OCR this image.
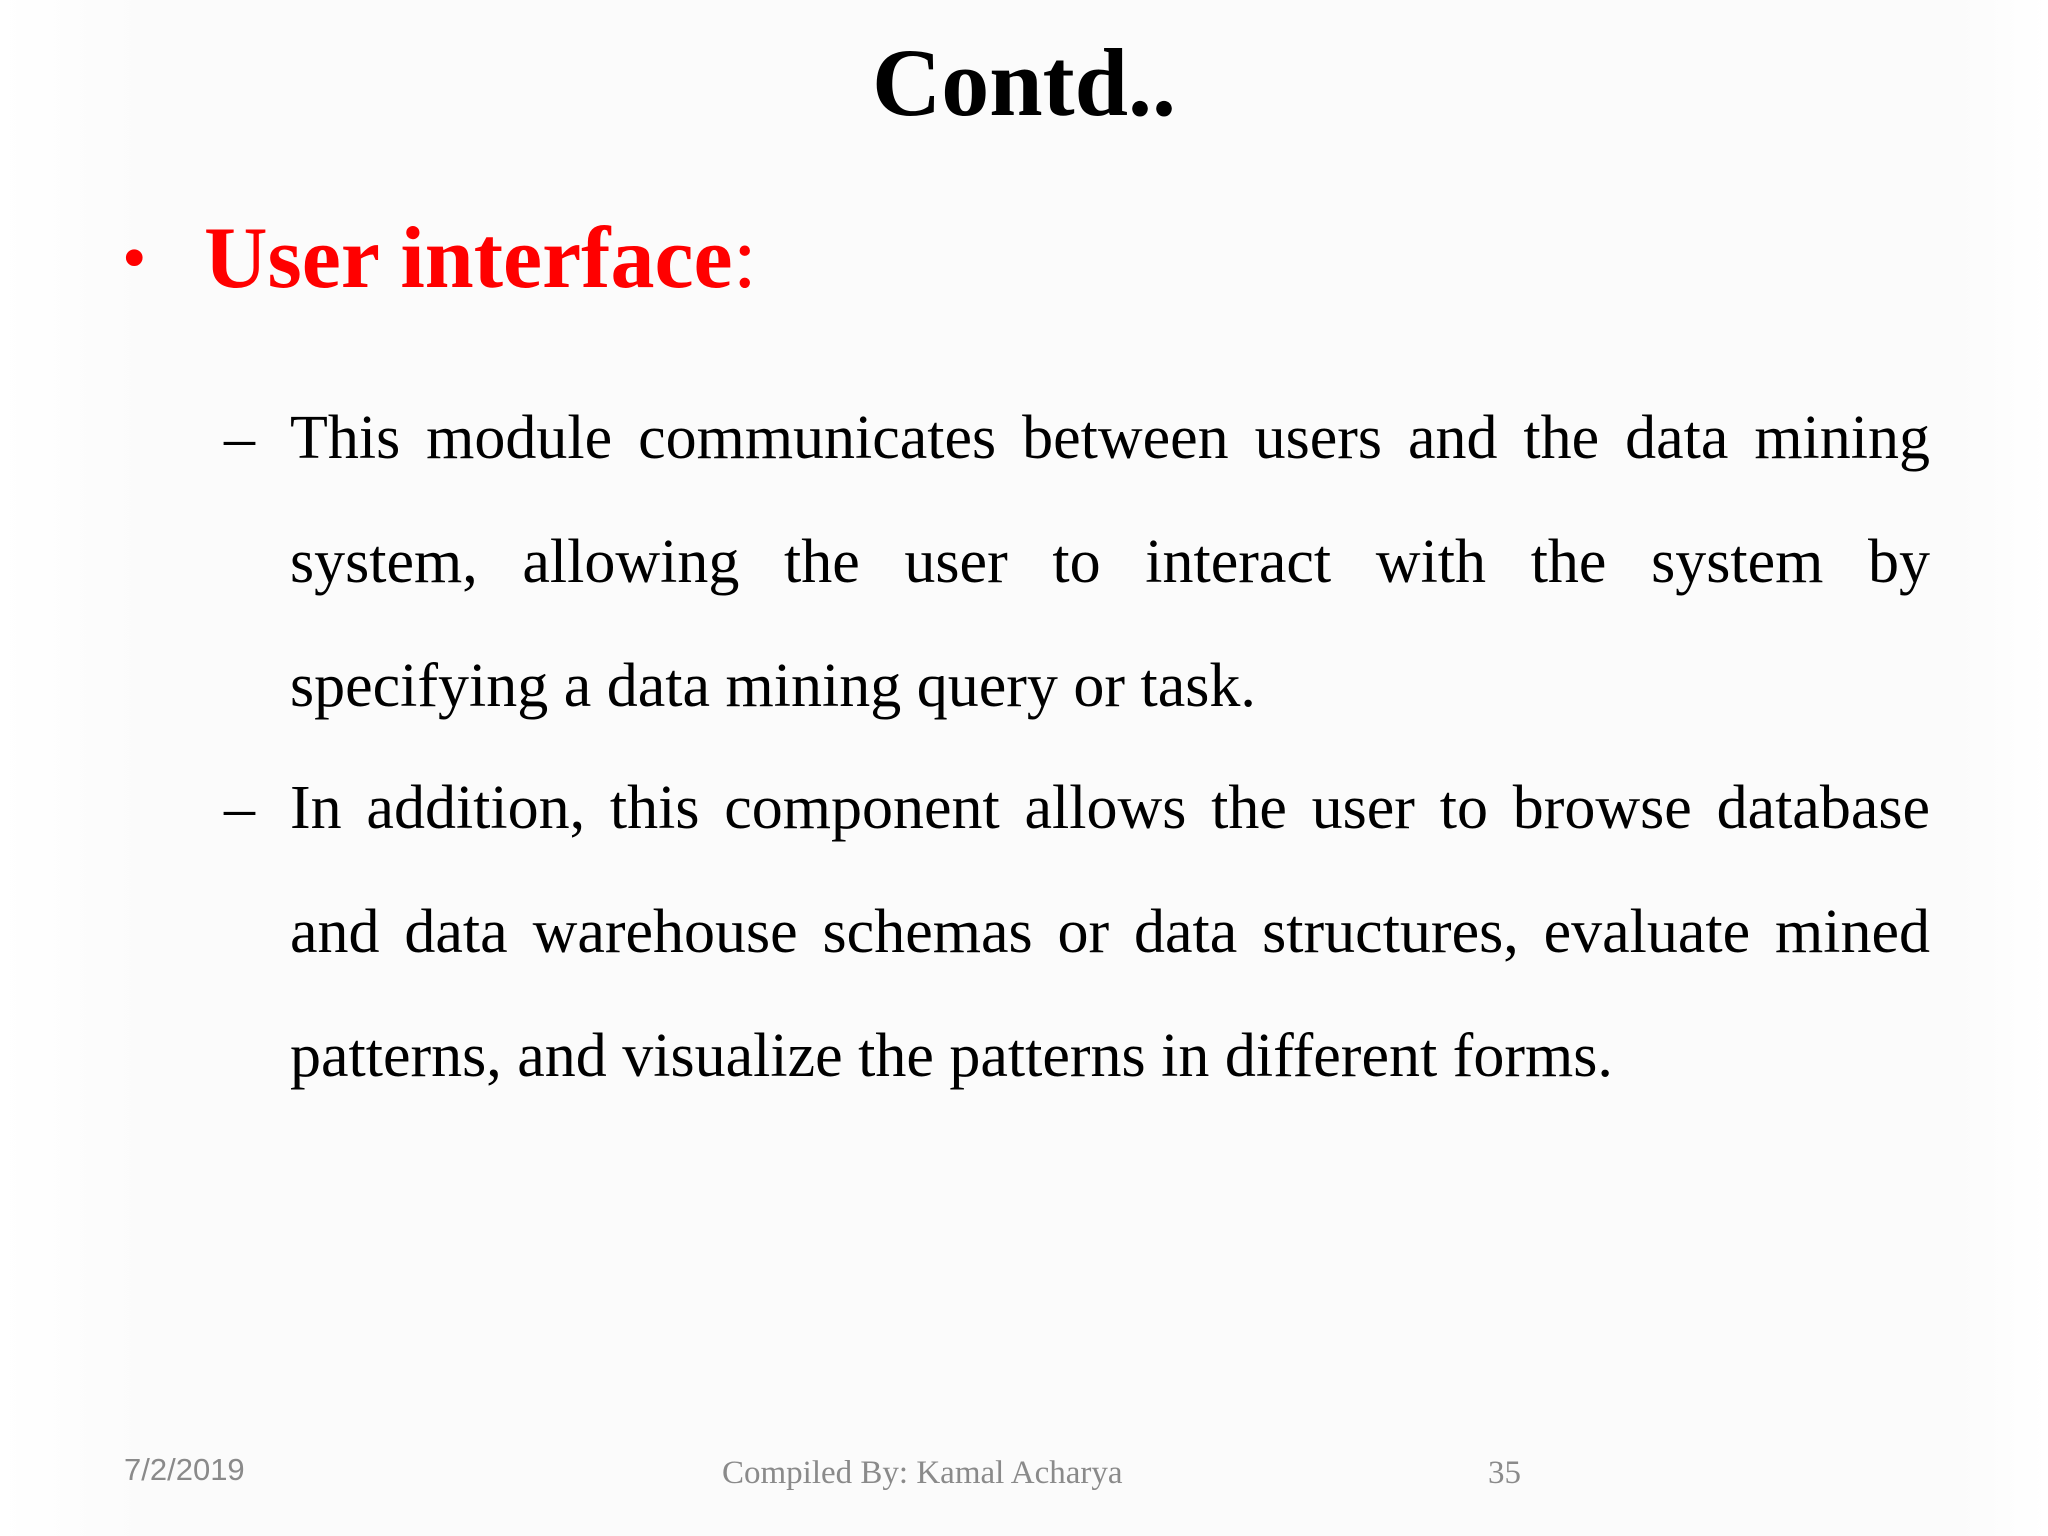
Contd..
• User interface :
– This module communicates between users and the data mining system, allowing the user to interact with the system by specifying a data mining query or task.
– In addition, this component allows the user to browse database and data warehouse schemas or data structures, evaluate mined patterns, and visualize the patterns in different forms.
7/2/2019	Compiled By: Kamal Acharya	35
